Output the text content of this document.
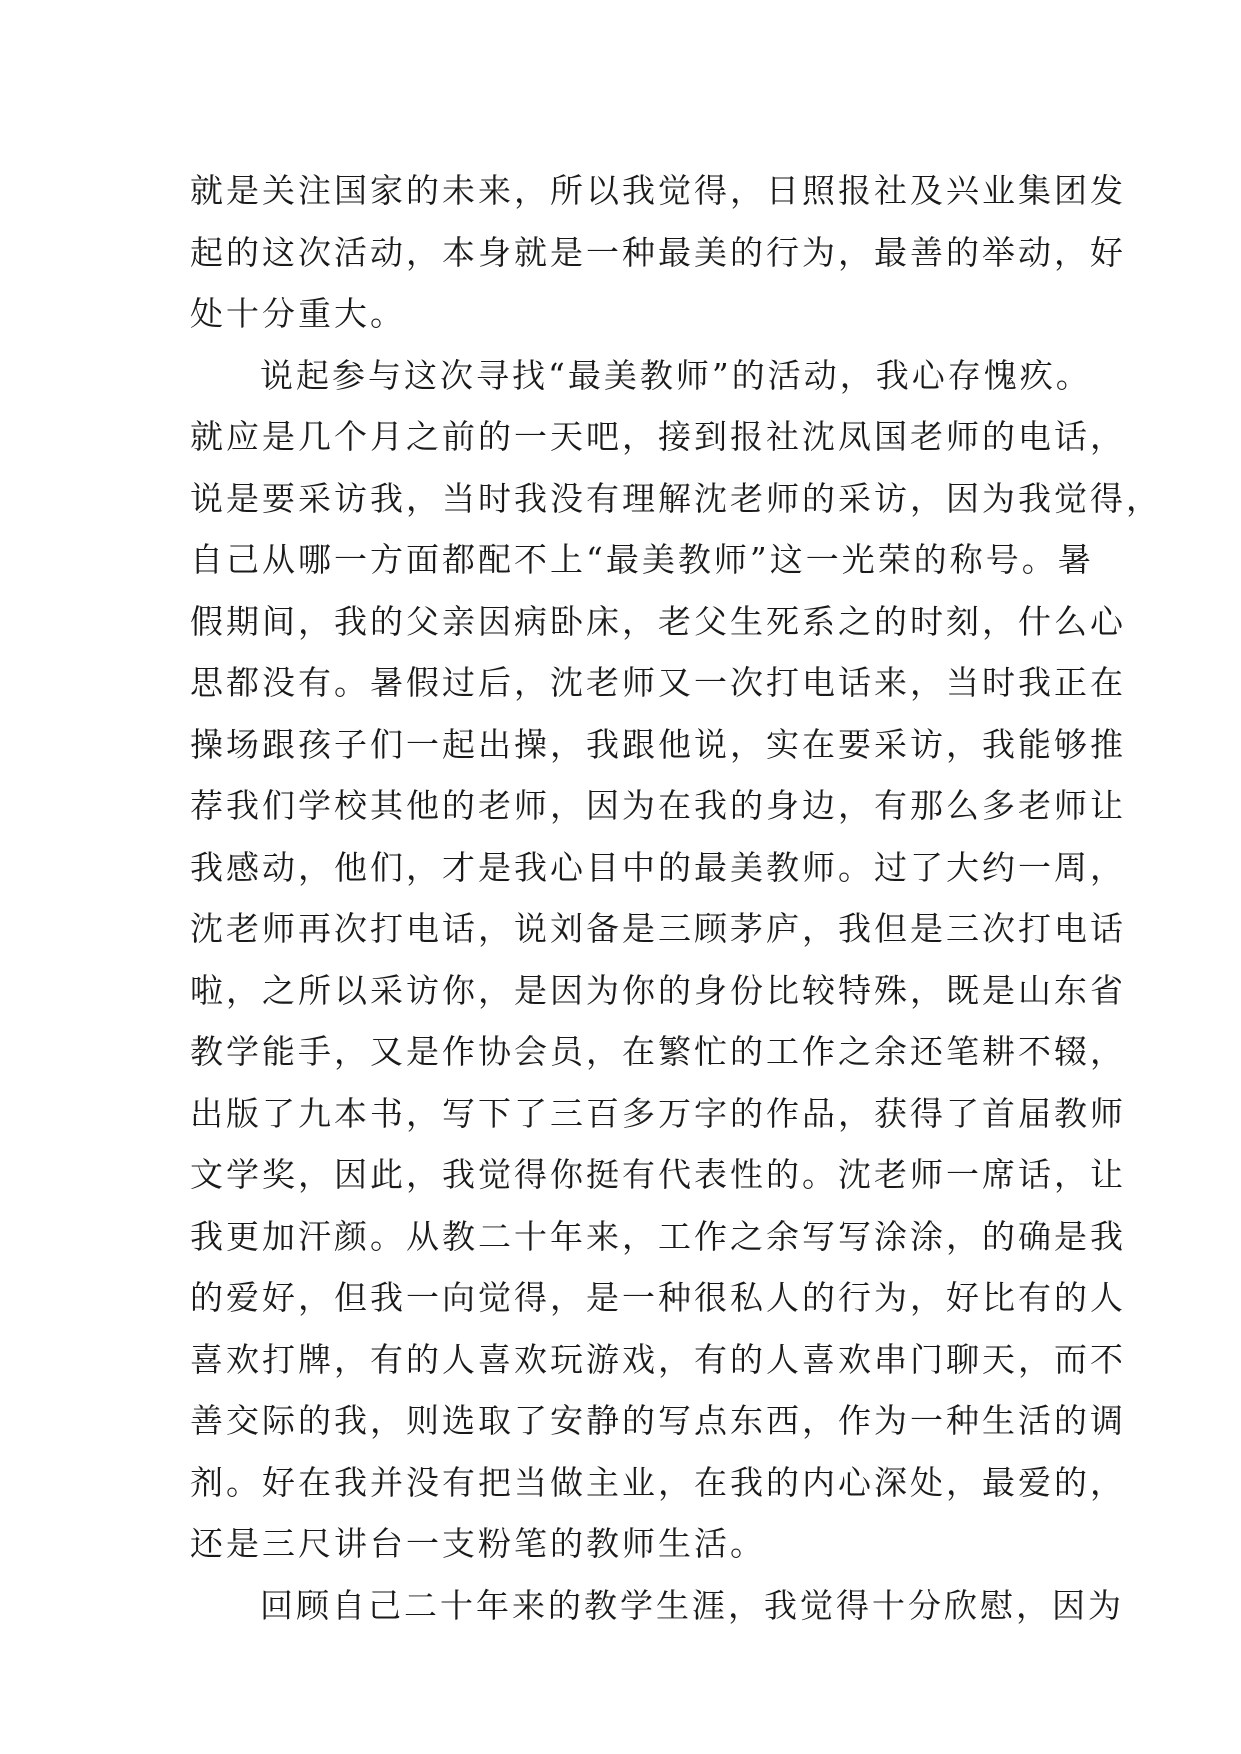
就是关注国家的未来，所以我觉得，日照报社及兴业集团发
起的这次活动，本身就是一种最美的行为，最善的举动，好
处十分重大。
说起参与这次寻找“最美教师”的活动，我心存愧疚。
就应是几个月之前的一天吧，接到报社沈凤国老师的电话，
说是要采访我，当时我没有理解沈老师的采访，因为我觉得，
自己从哪一方面都配不上“最美教师”这一光荣的称号。暑
假期间，我的父亲因病卧床，老父生死系之的时刻，什么心
思都没有。暑假过后，沈老师又一次打电话来，当时我正在
操场跟孩子们一起出操，我跟他说，实在要采访，我能够推
荐我们学校其他的老师，因为在我的身边，有那么多老师让
我感动，他们，才是我心目中的最美教师。过了大约一周，
沈老师再次打电话，说刘备是三顾茅庐，我但是三次打电话
啦，之所以采访你，是因为你的身份比较特殊，既是山东省
教学能手，又是作协会员，在繁忙的工作之余还笔耕不辍，
出版了九本书，写下了三百多万字的作品，获得了首届教师
文学奖，因此，我觉得你挺有代表性的。沈老师一席话，让
我更加汗颜。从教二十年来，工作之余写写涂涂，的确是我
的爱好，但我一向觉得，是一种很私人的行为，好比有的人
喜欢打牌，有的人喜欢玩游戏，有的人喜欢串门聊天，而不
善交际的我，则选取了安静的写点东西，作为一种生活的调
剂。好在我并没有把当做主业，在我的内心深处，最爱的，
还是三尺讲台一支粉笔的教师生活。
回顾自己二十年来的教学生涯，我觉得十分欣慰，因为
